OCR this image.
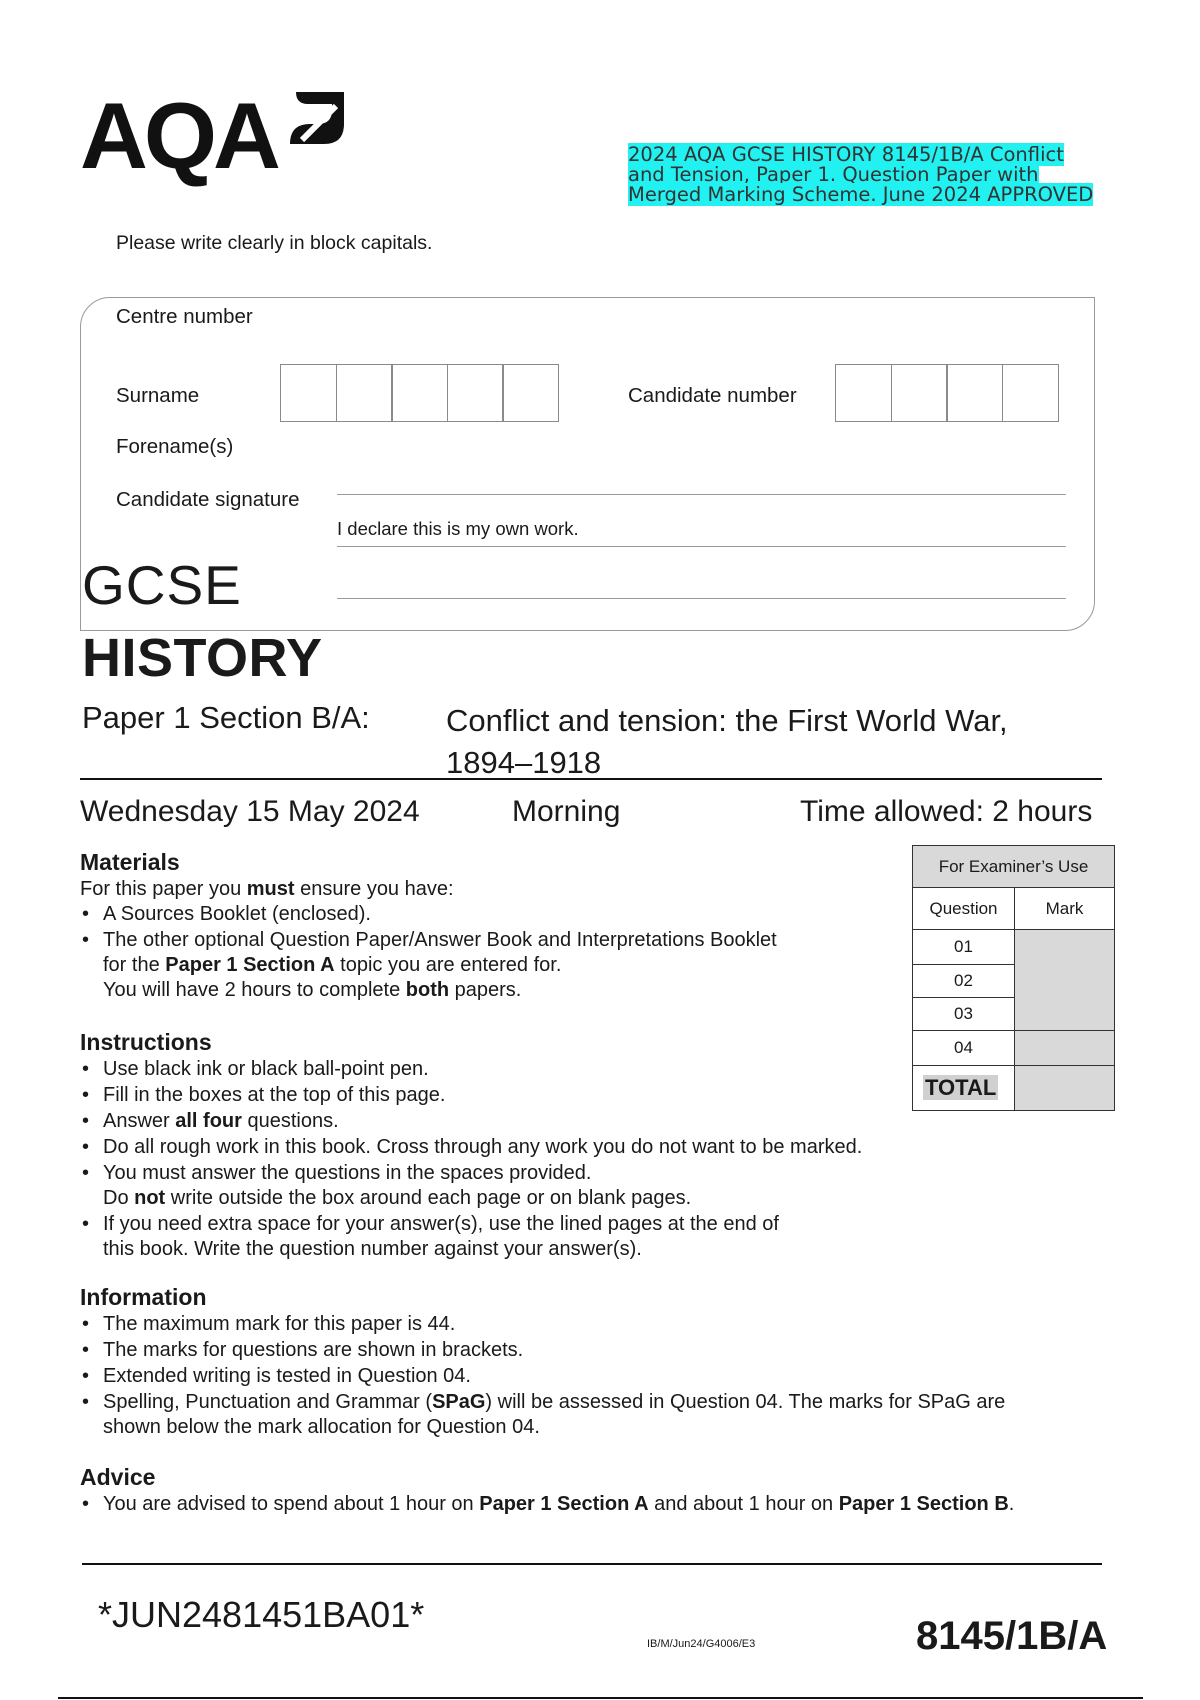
AQA	2024 AQA GCSE HISTORY 8145/1B/A Conflict and Tension, Paper 1. Question Paper with Merged Marking Scheme. June 2024 APPROVED
Please write clearly in block capitals.
Centre number
Surname	Candidate number
Forename(s)
Candidate signature
I declare this is my own work.
GCSE
HISTORY
Paper 1 Section B/A: Conflict and tension: the First World War,
1894–1918
Wednesday 15 May 2024	Morning	Time allowed: 2 hours
Materials
For this paper you must ensure you have:
• A Sources Booklet (enclosed).
• The other optional Question Paper/Answer Book and Interpretations Booklet
for the Paper 1 Section A topic you are entered for.
You will have 2 hours to complete both papers.
Instructions
• Use black ink or black ball-point pen.
• Fill in the boxes at the top of this page.
• Answer all four questions.
• Do all rough work in this book. Cross through any work you do not want to be marked.
• You must answer the questions in the spaces provided.
Do not write outside the box around each page or on blank pages.
• If you need extra space for your answer(s), use the lined pages at the end of
this book. Write the question number against your answer(s).
Information
• The maximum mark for this paper is 44.
• The marks for questions are shown in brackets.
• Extended writing is tested in Question 04.
• Spelling, Punctuation and Grammar (SPaG) will be assessed in Question 04. The marks for SPaG are
shown below the mark allocation for Question 04.
Advice
• You are advised to spend about 1 hour on Paper 1 Section A and about 1 hour on Paper 1 Section B.
For Examiner’s Use	
Question	Mark
01	
02	
03	
04	
TOTAL	
*JUN2481451BA01*
IB/M/Jun24/G4006/E3	8145/1B/A
